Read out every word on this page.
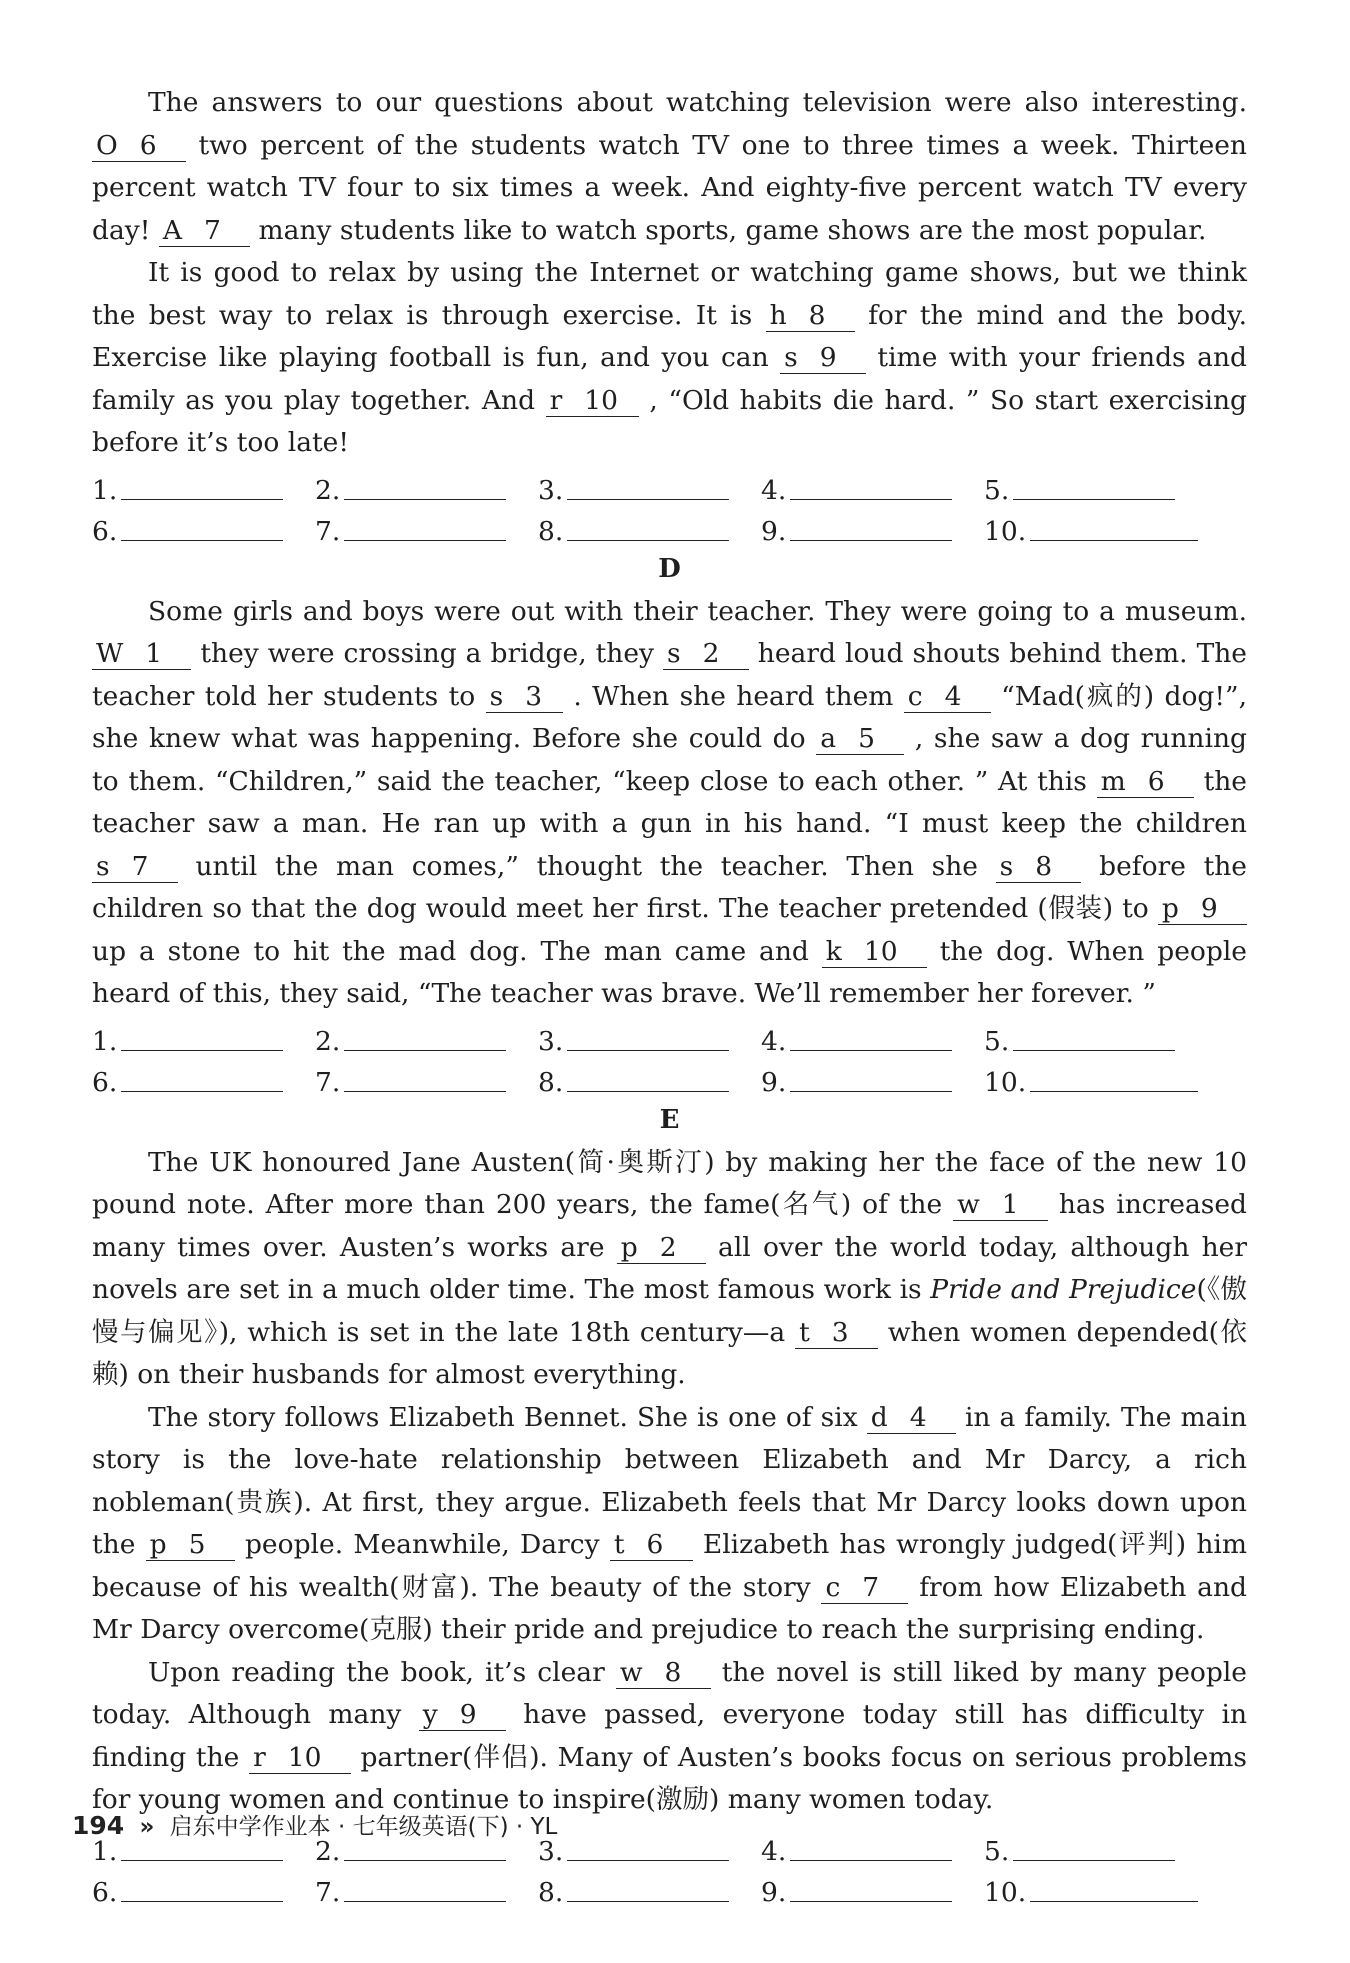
The answers to our questions about watching television were also interesting. O 6    two percent of the students watch TV one to three times a week. Thirteen percent watch TV four to six times a week. And eighty-five percent watch TV every day! A 7    many students like to watch sports, game shows are the most popular.

It is good to relax by using the Internet or watching game shows, but we think the best way to relax is through exercise. It is h 8    for the mind and the body. Exercise like playing football is fun, and you can s 9    time with your friends and family as you play together. And r 10   , “Old habits die hard. ” So start exercising before it’s too late!

1.	2.	3.	4.	5.
6.	7.	8.	9.	10.

D

Some girls and boys were out with their teacher. They were going to a museum. W 1    they were crossing a bridge, they s 2    heard loud shouts behind them. The teacher told her students to s 3   . When she heard them c 4    “Mad(疯的) dog!”, she knew what was happening. Before she could do a 5    , she saw a dog running to them. “Children,” said the teacher, “keep close to each other. ” At this m 6    the teacher saw a man. He ran up with a gun in his hand. “I must keep the children s 7    until the man comes,” thought the teacher. Then she s 8    before the children so that the dog would meet her first. The teacher pretended (假装) to p 9    up a stone to hit the mad dog. The man came and k 10    the dog. When people heard of this, they said, “The teacher was brave. We’ll remember her forever. ”

1.	2.	3.	4.	5.
6.	7.	8.	9.	10.

E

The UK honoured Jane Austen(简·奥斯汀) by making her the face of the new 10 pound note. After more than 200 years, the fame(名气) of the w 1    has increased many times over. Austen’s works are p 2    all over the world today, although her novels are set in a much older time. The most famous work is Pride and Prejudice(《傲慢与偏见》), which is set in the late 18th century—a t 3    when women depended(依赖) on their husbands for almost everything.

The story follows Elizabeth Bennet. She is one of six d 4    in a family. The main story is the love-hate relationship between Elizabeth and Mr Darcy, a rich nobleman(贵族). At first, they argue. Elizabeth feels that Mr Darcy looks down upon the p 5    people. Meanwhile, Darcy t 6    Elizabeth has wrongly judged(评判) him because of his wealth(财富). The beauty of the story c 7    from how Elizabeth and Mr Darcy overcome(克服) their pride and prejudice to reach the surprising ending.

Upon reading the book, it’s clear w 8    the novel is still liked by many people today. Although many y 9    have passed, everyone today still has difficulty in finding the r 10    partner(伴侣). Many of Austen’s books focus on serious problems for young women and continue to inspire(激励) many women today.

1.	2.	3.	4.	5.
6.	7.	8.	9.	10.
194 » 启东中学作业本 · 七年级英语(下) · YL
